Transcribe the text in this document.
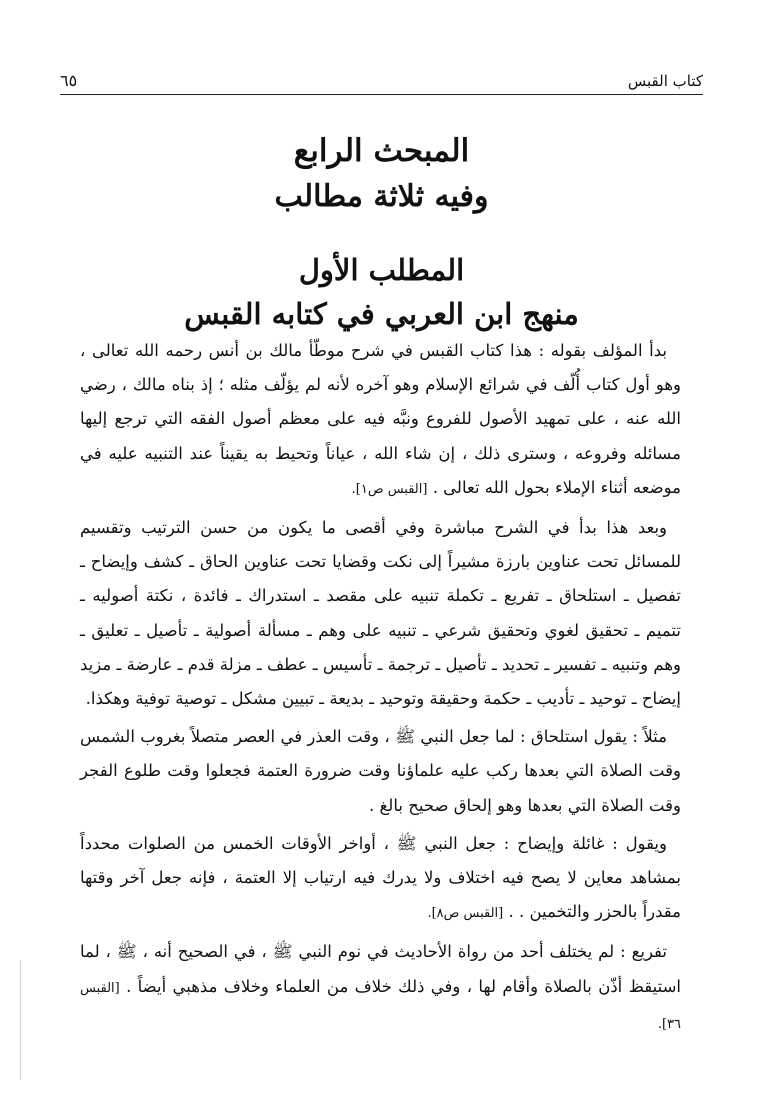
كتاب القبس
٦٥
المبحث الرابع
وفيه ثلاثة مطالب
المطلب الأول
منهج ابن العربي في كتابه القبس

بدأ المؤلف بقوله : هذا كتاب القبس في شرح موطّأ مالك بن أنس رحمه الله تعالى ، وهو أول كتاب أُلّف في شرائع الإسلام وهو آخره لأنه لم يؤلّف مثله ؛ إذ بناه مالك ، رضي الله عنه ، على تمهيد الأصول للفروع ونبَّه فيه على معظم أصول الفقه التي ترجع إليها مسائله وفروعه ، وسترى ذلك ، إن شاء الله ، عياناً وتحيط به يقيناً عند التنبيه عليه في موضعه أثناء الإملاء بحول الله تعالى . [القبس ص١].

وبعد هذا بدأ في الشرح مباشرة وفي أقصى ما يكون من حسن الترتيب وتقسيم للمسائل تحت عناوين بارزة مشيراً إلى نكت وقضايا تحت عناوين الحاق ـ كشف وإيضاح ـ تفصيل ـ استلحاق ـ تفريع ـ تكملة تنبيه على مقصد ـ استدراك ـ فائدة ، نكتة أصوليه ـ تتميم ـ تحقيق لغوي وتحقيق شرعي ـ تنبيه على وهم ـ مسألة أصولية ـ تأصيل ـ تعليق ـ وهم وتنبيه ـ تفسير ـ تحديد ـ تأصيل ـ ترجمة ـ تأسيس ـ عطف ـ مزلة قدم ـ عارضة ـ مزيد إيضاح ـ توحيد ـ تأديب ـ حكمة وحقيقة وتوحيد ـ بديعة ـ تبيين مشكل ـ توصية توفية وهكذا.

مثلاً : يقول استلحاق : لما جعل النبي ﷺ ، وقت العذر في العصر متصلاً بغروب الشمس وقت الصلاة التي بعدها ركب عليه علماؤنا وقت ضرورة العتمة فجعلوا وقت طلوع الفجر وقت الصلاة التي بعدها وهو إلحاق صحيح بالغ .

ويقول : غائلة وإيضاح : جعل النبي ﷺ ، أواخر الأوقات الخمس من الصلوات محدداً بمشاهد معاين لا يصح فيه اختلاف ولا يدرك فيه ارتياب إلا العتمة ، فإنه جعل آخر وقتها مقدراً بالحزر والتخمين . . [القبس ص٨].

تفريع : لم يختلف أحد من رواة الأحاديث في نوم النبي ﷺ ، في الصحيح أنه ، ﷺ ، لما استيقظ أذّن بالصلاة وأقام لها ، وفي ذلك خلاف من العلماء وخلاف مذهبي أيضاً . [القبس ٣٦].
